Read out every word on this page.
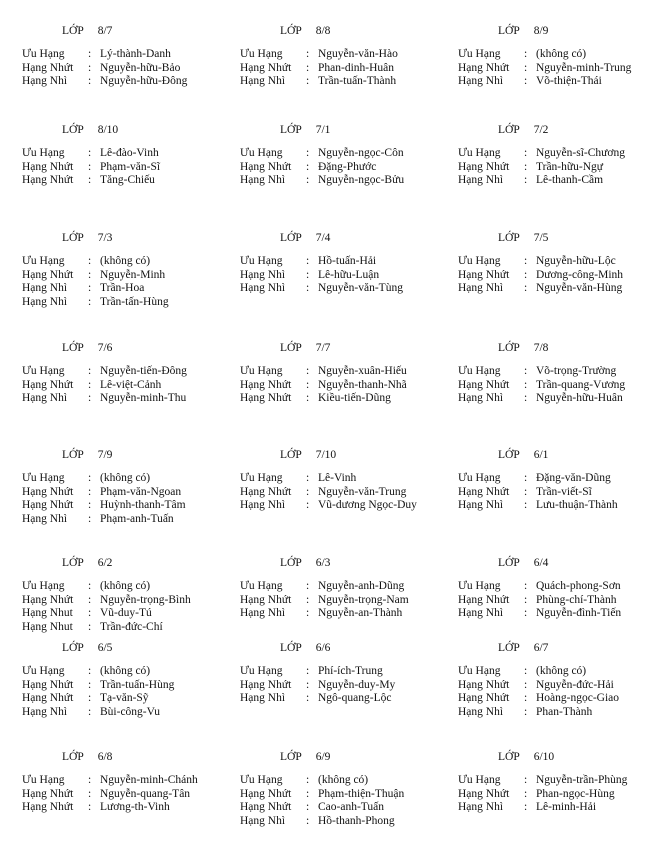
LỚP 8/7
Ưu Hạng : Lý-thành-Danh
Hạng Nhứt : Nguyễn-hữu-Bảo
Hạng Nhì : Nguyễn-hữu-Đông
LỚP 8/8
Ưu Hạng : Nguyễn-văn-Hào
Hạng Nhứt : Phan-dinh-Huân
Hạng Nhì : Trần-tuấn-Thành
LỚP 8/9
Ưu Hạng : (không có)
Hạng Nhứt : Nguyễn-minh-Trung
Hạng Nhì : Võ-thiện-Thái
LỚP 8/10
Ưu Hạng : Lê-đào-Vinh
Hạng Nhứt : Phạm-văn-Sĩ
Hạng Nhứt : Tăng-Chiếu
LỚP 7/1
Ưu Hạng : Nguyễn-ngọc-Côn
Hạng Nhứt : Đặng-Phước
Hạng Nhì : Nguyễn-ngọc-Bửu
LỚP 7/2
Ưu Hạng : Nguyễn-sĩ-Chương
Hạng Nhứt : Trần-hữu-Ngự
Hạng Nhì : Lê-thanh-Cầm
LỚP 7/3
Ưu Hạng : (không có)
Hạng Nhứt : Nguyễn-Minh
Hạng Nhì : Trần-Hoa
Hạng Nhì : Trần-tấn-Hùng
LỚP 7/4
Ưu Hạng : Hồ-tuấn-Hải
Hạng Nhì : Lê-hữu-Luận
Hạng Nhì : Nguyễn-văn-Tùng
LỚP 7/5
Ưu Hạng : Nguyễn-hữu-Lộc
Hạng Nhứt : Dương-công-Minh
Hạng Nhì : Nguyễn-văn-Hùng
LỚP 7/6
Ưu Hạng : Nguyễn-tiến-Đông
Hạng Nhứt : Lê-việt-Cảnh
Hạng Nhì : Nguyễn-minh-Thu
LỚP 7/7
Ưu Hạng : Nguyễn-xuân-Hiếu
Hạng Nhứt : Nguyễn-thanh-Nhã
Hạng Nhứt : Kiều-tiến-Dũng
LỚP 7/8
Ưu Hạng : Võ-trọng-Trường
Hạng Nhứt : Trần-quang-Vương
Hạng Nhì : Nguyễn-hữu-Huân
LỚP 7/9
Ưu Hạng : (không có)
Hạng Nhứt : Phạm-văn-Ngoan
Hạng Nhứt : Huỳnh-thanh-Tâm
Hạng Nhì : Phạm-anh-Tuấn
LỚP 7/10
Ưu Hạng : Lê-Vinh
Hạng Nhứt : Nguyễn-văn-Trung
Hạng Nhì : Vũ-dương Ngọc-Duy
LỚP 6/1
Ưu Hạng : Đặng-văn-Dũng
Hạng Nhứt : Trần-viết-Sĩ
Hạng Nhì : Lưu-thuận-Thành
LỚP 6/2
Ưu Hạng : (không có)
Hạng Nhứt : Nguyễn-trọng-Bình
Hạng Nhut : Vũ-duy-Tú
Hạng Nhut : Trần-đức-Chí
LỚP 6/3
Ưu Hạng : Nguyễn-anh-Dũng
Hạng Nhứt : Nguyễn-trọng-Nam
Hạng Nhì : Nguyễn-an-Thành
LỚP 6/4
Ưu Hạng : Quách-phong-Sơn
Hạng Nhứt : Phùng-chí-Thành
Hạng Nhì : Nguyễn-đình-Tiến
LỚP 6/5
Ưu Hạng : (không có)
Hạng Nhứt : Trần-tuấn-Hùng
Hạng Nhứt : Tạ-văn-Sỹ
Hạng Nhì : Bùi-công-Vu
LỚP 6/6
Ưu Hạng : Phí-ích-Trung
Hạng Nhứt : Nguyễn-duy-My
Hạng Nhì : Ngô-quang-Lộc
LỚP 6/7
Ưu Hạng : (không có)
Hạng Nhứt : Nguyễn-đức-Hải
Hạng Nhứt : Hoàng-ngọc-Giao
Hạng Nhì : Phan-Thành
LỚP 6/8
Ưu Hạng : Nguyễn-minh-Chánh
Hạng Nhứt : Nguyễn-quang-Tân
Hạng Nhứt : Lương-th-Vinh
LỚP 6/9
Ưu Hạng : (không có)
Hạng Nhứt : Phạm-thiện-Thuận
Hạng Nhứt : Cao-anh-Tuấn
Hạng Nhì : Hồ-thanh-Phong
LỚP 6/10
Ưu Hạng : Nguyễn-trần-Phùng
Hạng Nhứt : Phan-ngọc-Hùng
Hạng Nhì : Lê-minh-Hải
